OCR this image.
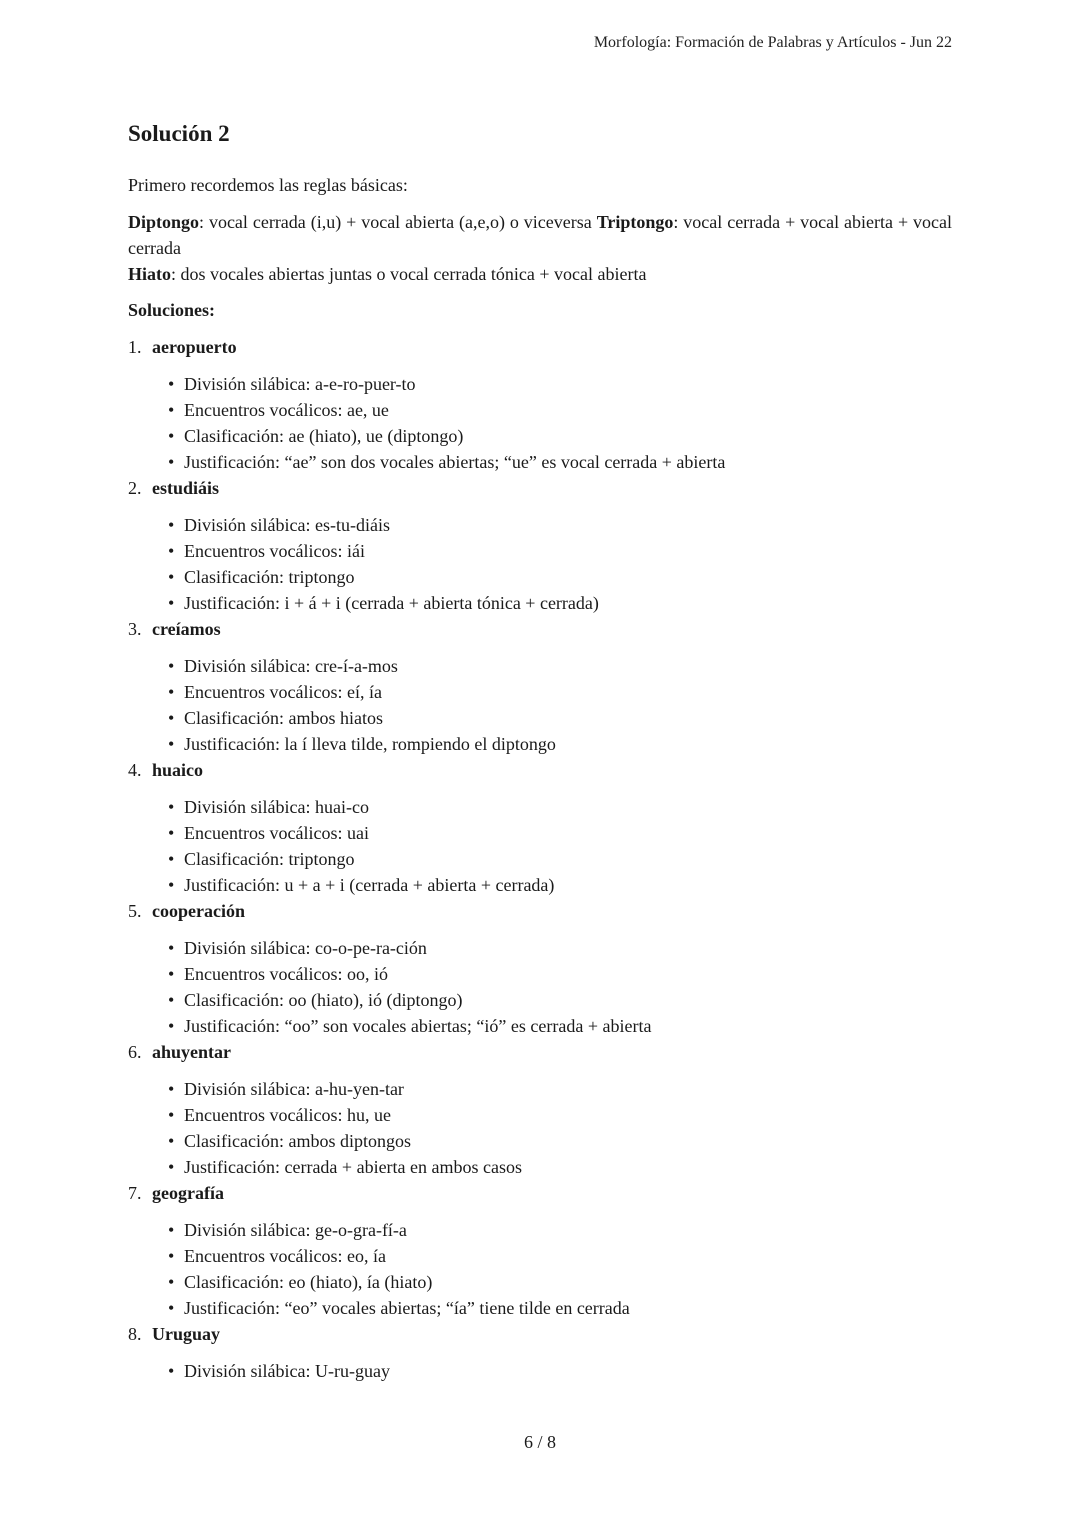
Morfología: Formación de Palabras y Artículos - Jun 22
Solución 2

Primero recordemos las reglas básicas:

Diptongo: vocal cerrada (i,u) + vocal abierta (a,e,o) o viceversa Triptongo: vocal cerrada + vocal abierta + vocal cerrada
Hiato: dos vocales abiertas juntas o vocal cerrada tónica + vocal abierta

Soluciones:

1. aeropuerto
• División silábica: a-e-ro-puer-to
• Encuentros vocálicos: ae, ue
• Clasificación: ae (hiato), ue (diptongo)
• Justificación: “ae” son dos vocales abiertas; “ue” es vocal cerrada + abierta
2. estudiáis
• División silábica: es-tu-diáis
• Encuentros vocálicos: iái
• Clasificación: triptongo
• Justificación: i + á + i (cerrada + abierta tónica + cerrada)
3. creíamos
• División silábica: cre-í-a-mos
• Encuentros vocálicos: eí, ía
• Clasificación: ambos hiatos
• Justificación: la í lleva tilde, rompiendo el diptongo
4. huaico
• División silábica: huai-co
• Encuentros vocálicos: uai
• Clasificación: triptongo
• Justificación: u + a + i (cerrada + abierta + cerrada)
5. cooperación
• División silábica: co-o-pe-ra-ción
• Encuentros vocálicos: oo, ió
• Clasificación: oo (hiato), ió (diptongo)
• Justificación: “oo” son vocales abiertas; “ió” es cerrada + abierta
6. ahuyentar
• División silábica: a-hu-yen-tar
• Encuentros vocálicos: hu, ue
• Clasificación: ambos diptongos
• Justificación: cerrada + abierta en ambos casos
7. geografía
• División silábica: ge-o-gra-fí-a
• Encuentros vocálicos: eo, ía
• Clasificación: eo (hiato), ía (hiato)
• Justificación: “eo” vocales abiertas; “ía” tiene tilde en cerrada
8. Uruguay
• División silábica: U-ru-guay
6 / 8
